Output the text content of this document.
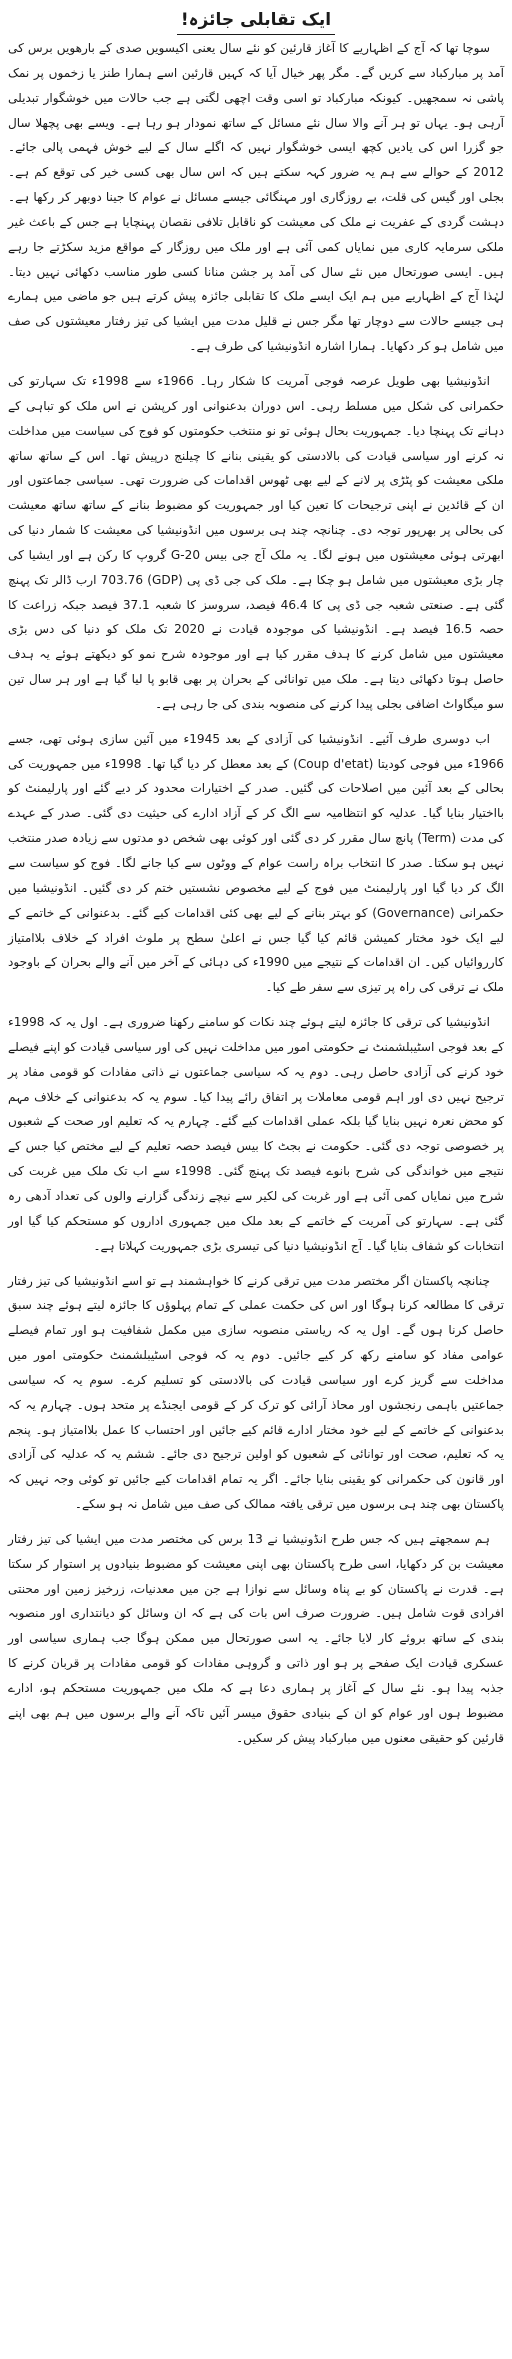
ایک تقابلی جائزہ!

سوچا تھا کہ آج کے اظہاریے کا آغاز قارئین کو نئے سال یعنی اکیسویں صدی کے بارھویں برس کی آمد پر مبارکباد سے کریں گے۔ مگر پھر خیال آیا کہ کہیں قارئین اسے ہمارا طنز یا زخموں پر نمک پاشی نہ سمجھیں۔ کیونکہ مبارکباد تو اسی وقت اچھی لگتی ہے جب حالات میں خوشگوار تبدیلی آرہی ہو۔ یہاں تو ہر آنے والا سال نئے مسائل کے ساتھ نمودار ہو رہا ہے۔ ویسے بھی پچھلا سال جو گزرا اس کی یادیں کچھ ایسی خوشگوار نہیں کہ اگلے سال کے لیے خوش فہمی پالی جائے۔ 2012 کے حوالے سے ہم یہ ضرور کہہ سکتے ہیں کہ اس سال بھی کسی خیر کی توقع کم ہے۔ بجلی اور گیس کی قلت، بے روزگاری اور مہنگائی جیسے مسائل نے عوام کا جینا دوبھر کر رکھا ہے۔ دہشت گردی کے عفریت نے ملک کی معیشت کو ناقابل تلافی نقصان پہنچایا ہے جس کے باعث غیر ملکی سرمایہ کاری میں نمایاں کمی آئی ہے اور ملک میں روزگار کے مواقع مزید سکڑتے جا رہے ہیں۔ ایسی صورتحال میں نئے سال کی آمد پر جشن منانا کسی طور مناسب دکھائی نہیں دیتا۔ لہٰذا آج کے اظہاریے میں ہم ایک ایسے ملک کا تقابلی جائزہ پیش کرتے ہیں جو ماضی میں ہمارے ہی جیسے حالات سے دوچار تھا مگر جس نے قلیل مدت میں ایشیا کی تیز رفتار معیشتوں کی صف میں شامل ہو کر دکھایا۔ ہمارا اشارہ انڈونیشیا کی طرف ہے۔

انڈونیشیا بھی طویل عرصہ فوجی آمریت کا شکار رہا۔ 1966ء سے 1998ء تک سہارتو کی حکمرانی کی شکل میں مسلط رہی۔ اس دوران بدعنوانی اور کرپشن نے اس ملک کو تباہی کے دہانے تک پہنچا دیا۔ جمہوریت بحال ہوئی تو نو منتخب حکومتوں کو فوج کی سیاست میں مداخلت نہ کرنے اور سیاسی قیادت کی بالادستی کو یقینی بنانے کا چیلنج درپیش تھا۔ اس کے ساتھ ساتھ ملکی معیشت کو پٹڑی پر لانے کے لیے بھی ٹھوس اقدامات کی ضرورت تھی۔ سیاسی جماعتوں اور ان کے قائدین نے اپنی ترجیحات کا تعین کیا اور جمہوریت کو مضبوط بنانے کے ساتھ ساتھ معیشت کی بحالی پر بھرپور توجہ دی۔ چنانچہ چند ہی برسوں میں انڈونیشیا کی معیشت کا شمار دنیا کی ابھرتی ہوئی معیشتوں میں ہونے لگا۔ یہ ملک آج جی بیس G-20 گروپ کا رکن ہے اور ایشیا کی چار بڑی معیشتوں میں شامل ہو چکا ہے۔ ملک کی جی ڈی پی (GDP) 703.76 ارب ڈالر تک پہنچ گئی ہے۔ صنعتی شعبہ جی ڈی پی کا 46.4 فیصد، سروسز کا شعبہ 37.1 فیصد جبکہ زراعت کا حصہ 16.5 فیصد ہے۔ انڈونیشیا کی موجودہ قیادت نے 2020 تک ملک کو دنیا کی دس بڑی معیشتوں میں شامل کرنے کا ہدف مقرر کیا ہے اور موجودہ شرح نمو کو دیکھتے ہوئے یہ ہدف حاصل ہوتا دکھائی دیتا ہے۔ ملک میں توانائی کے بحران پر بھی قابو پا لیا گیا ہے اور ہر سال تین سو میگاواٹ اضافی بجلی پیدا کرنے کی منصوبہ بندی کی جا رہی ہے۔

اب دوسری طرف آئیے۔ انڈونیشیا کی آزادی کے بعد 1945ء میں آئین سازی ہوئی تھی، جسے 1966ء میں فوجی کودیتا (Coup d'etat) کے بعد معطل کر دیا گیا تھا۔ 1998ء میں جمہوریت کی بحالی کے بعد آئین میں اصلاحات کی گئیں۔ صدر کے اختیارات محدود کر دیے گئے اور پارلیمنٹ کو بااختیار بنایا گیا۔ عدلیہ کو انتظامیہ سے الگ کر کے آزاد ادارے کی حیثیت دی گئی۔ صدر کے عہدے کی مدت (Term) پانچ سال مقرر کر دی گئی اور کوئی بھی شخص دو مدتوں سے زیادہ صدر منتخب نہیں ہو سکتا۔ صدر کا انتخاب براہ راست عوام کے ووٹوں سے کیا جانے لگا۔ فوج کو سیاست سے الگ کر دیا گیا اور پارلیمنٹ میں فوج کے لیے مخصوص نشستیں ختم کر دی گئیں۔ انڈونیشیا میں حکمرانی (Governance) کو بہتر بنانے کے لیے بھی کئی اقدامات کیے گئے۔ بدعنوانی کے خاتمے کے لیے ایک خود مختار کمیشن قائم کیا گیا جس نے اعلیٰ سطح پر ملوث افراد کے خلاف بلاامتیاز کارروائیاں کیں۔ ان اقدامات کے نتیجے میں 1990ء کی دہائی کے آخر میں آنے والے بحران کے باوجود ملک نے ترقی کی راہ پر تیزی سے سفر طے کیا۔

انڈونیشیا کی ترقی کا جائزہ لیتے ہوئے چند نکات کو سامنے رکھنا ضروری ہے۔ اول یہ کہ 1998ء کے بعد فوجی اسٹیبلشمنٹ نے حکومتی امور میں مداخلت نہیں کی اور سیاسی قیادت کو اپنے فیصلے خود کرنے کی آزادی حاصل رہی۔ دوم یہ کہ سیاسی جماعتوں نے ذاتی مفادات کو قومی مفاد پر ترجیح نہیں دی اور اہم قومی معاملات پر اتفاق رائے پیدا کیا۔ سوم یہ کہ بدعنوانی کے خلاف مہم کو محض نعرہ نہیں بنایا گیا بلکہ عملی اقدامات کیے گئے۔ چہارم یہ کہ تعلیم اور صحت کے شعبوں پر خصوصی توجہ دی گئی۔ حکومت نے بجٹ کا بیس فیصد حصہ تعلیم کے لیے مختص کیا جس کے نتیجے میں خواندگی کی شرح بانوے فیصد تک پہنچ گئی۔ 1998ء سے اب تک ملک میں غربت کی شرح میں نمایاں کمی آئی ہے اور غربت کی لکیر سے نیچے زندگی گزارنے والوں کی تعداد آدھی رہ گئی ہے۔ سہارتو کی آمریت کے خاتمے کے بعد ملک میں جمہوری اداروں کو مستحکم کیا گیا اور انتخابات کو شفاف بنایا گیا۔ آج انڈونیشیا دنیا کی تیسری بڑی جمہوریت کہلاتا ہے۔

چنانچہ پاکستان اگر مختصر مدت میں ترقی کرنے کا خواہشمند ہے تو اسے انڈونیشیا کی تیز رفتار ترقی کا مطالعہ کرنا ہوگا اور اس کی حکمت عملی کے تمام پہلوؤں کا جائزہ لیتے ہوئے چند سبق حاصل کرنا ہوں گے۔ اول یہ کہ ریاستی منصوبہ سازی میں مکمل شفافیت ہو اور تمام فیصلے عوامی مفاد کو سامنے رکھ کر کیے جائیں۔ دوم یہ کہ فوجی اسٹیبلشمنٹ حکومتی امور میں مداخلت سے گریز کرے اور سیاسی قیادت کی بالادستی کو تسلیم کرے۔ سوم یہ کہ سیاسی جماعتیں باہمی رنجشوں اور محاذ آرائی کو ترک کر کے قومی ایجنڈے پر متحد ہوں۔ چہارم یہ کہ بدعنوانی کے خاتمے کے لیے خود مختار ادارے قائم کیے جائیں اور احتساب کا عمل بلاامتیاز ہو۔ پنجم یہ کہ تعلیم، صحت اور توانائی کے شعبوں کو اولین ترجیح دی جائے۔ ششم یہ کہ عدلیہ کی آزادی اور قانون کی حکمرانی کو یقینی بنایا جائے۔ اگر یہ تمام اقدامات کیے جائیں تو کوئی وجہ نہیں کہ پاکستان بھی چند ہی برسوں میں ترقی یافتہ ممالک کی صف میں شامل نہ ہو سکے۔

ہم سمجھتے ہیں کہ جس طرح انڈونیشیا نے 13 برس کی مختصر مدت میں ایشیا کی تیز رفتار معیشت بن کر دکھایا، اسی طرح پاکستان بھی اپنی معیشت کو مضبوط بنیادوں پر استوار کر سکتا ہے۔ قدرت نے پاکستان کو بے پناہ وسائل سے نوازا ہے جن میں معدنیات، زرخیز زمین اور محنتی افرادی قوت شامل ہیں۔ ضرورت صرف اس بات کی ہے کہ ان وسائل کو دیانتداری اور منصوبہ بندی کے ساتھ بروئے کار لایا جائے۔ یہ اسی صورتحال میں ممکن ہوگا جب ہماری سیاسی اور عسکری قیادت ایک صفحے پر ہو اور ذاتی و گروہی مفادات کو قومی مفادات پر قربان کرنے کا جذبہ پیدا ہو۔ نئے سال کے آغاز پر ہماری دعا ہے کہ ملک میں جمہوریت مستحکم ہو، ادارے مضبوط ہوں اور عوام کو ان کے بنیادی حقوق میسر آئیں تاکہ آنے والے برسوں میں ہم بھی اپنے قارئین کو حقیقی معنوں میں مبارکباد پیش کر سکیں۔
